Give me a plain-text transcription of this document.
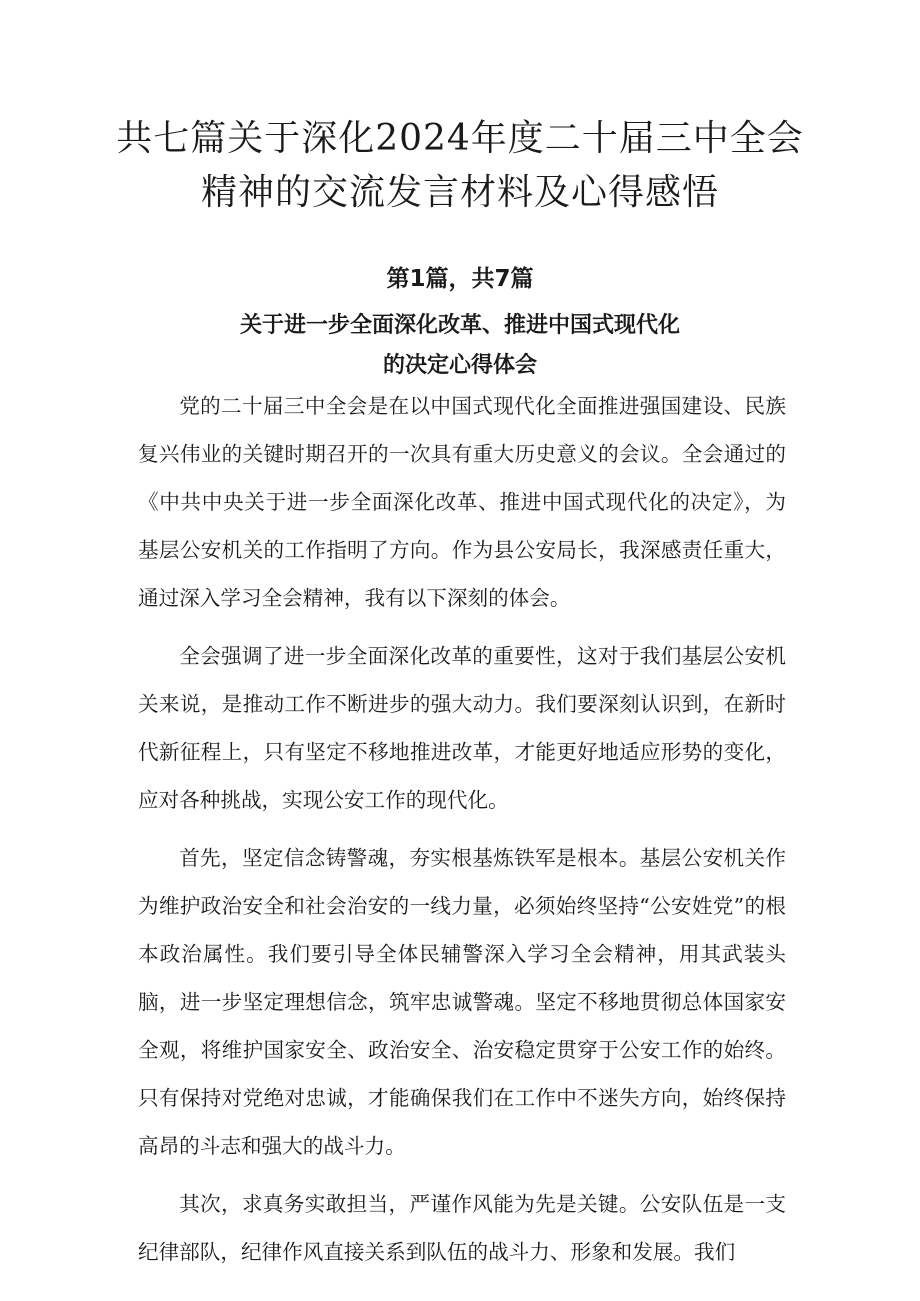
共七篇关于深化2024年度二十届三中全会
精神的交流发言材料及心得感悟
第1篇，共7篇
关于进一步全面深化改革、推进中国式现代化
的决定心得体会

党的二十届三中全会是在以中国式现代化全面推进强国建设、民族复兴伟业的关键时期召开的一次具有重大历史意义的会议。全会通过的《中共中央关于进一步全面深化改革、推进中国式现代化的决定》，为基层公安机关的工作指明了方向。作为县公安局长，我深感责任重大，通过深入学习全会精神，我有以下深刻的体会。

全会强调了进一步全面深化改革的重要性，这对于我们基层公安机关来说，是推动工作不断进步的强大动力。我们要深刻认识到，在新时代新征程上，只有坚定不移地推进改革，才能更好地适应形势的变化，应对各种挑战，实现公安工作的现代化。

首先，坚定信念铸警魂，夯实根基炼铁军是根本。基层公安机关作为维护政治安全和社会治安的一线力量，必须始终坚持“公安姓党”的根本政治属性。我们要引导全体民辅警深入学习全会精神，用其武装头脑，进一步坚定理想信念，筑牢忠诚警魂。坚定不移地贯彻总体国家安全观，将维护国家安全、政治安全、治安稳定贯穿于公安工作的始终。只有保持对党绝对忠诚，才能确保我们在工作中不迷失方向，始终保持高昂的斗志和强大的战斗力。

其次，求真务实敢担当，严谨作风能为先是关键。公安队伍是一支纪律部队，纪律作风直接关系到队伍的战斗力、形象和发展。我们
